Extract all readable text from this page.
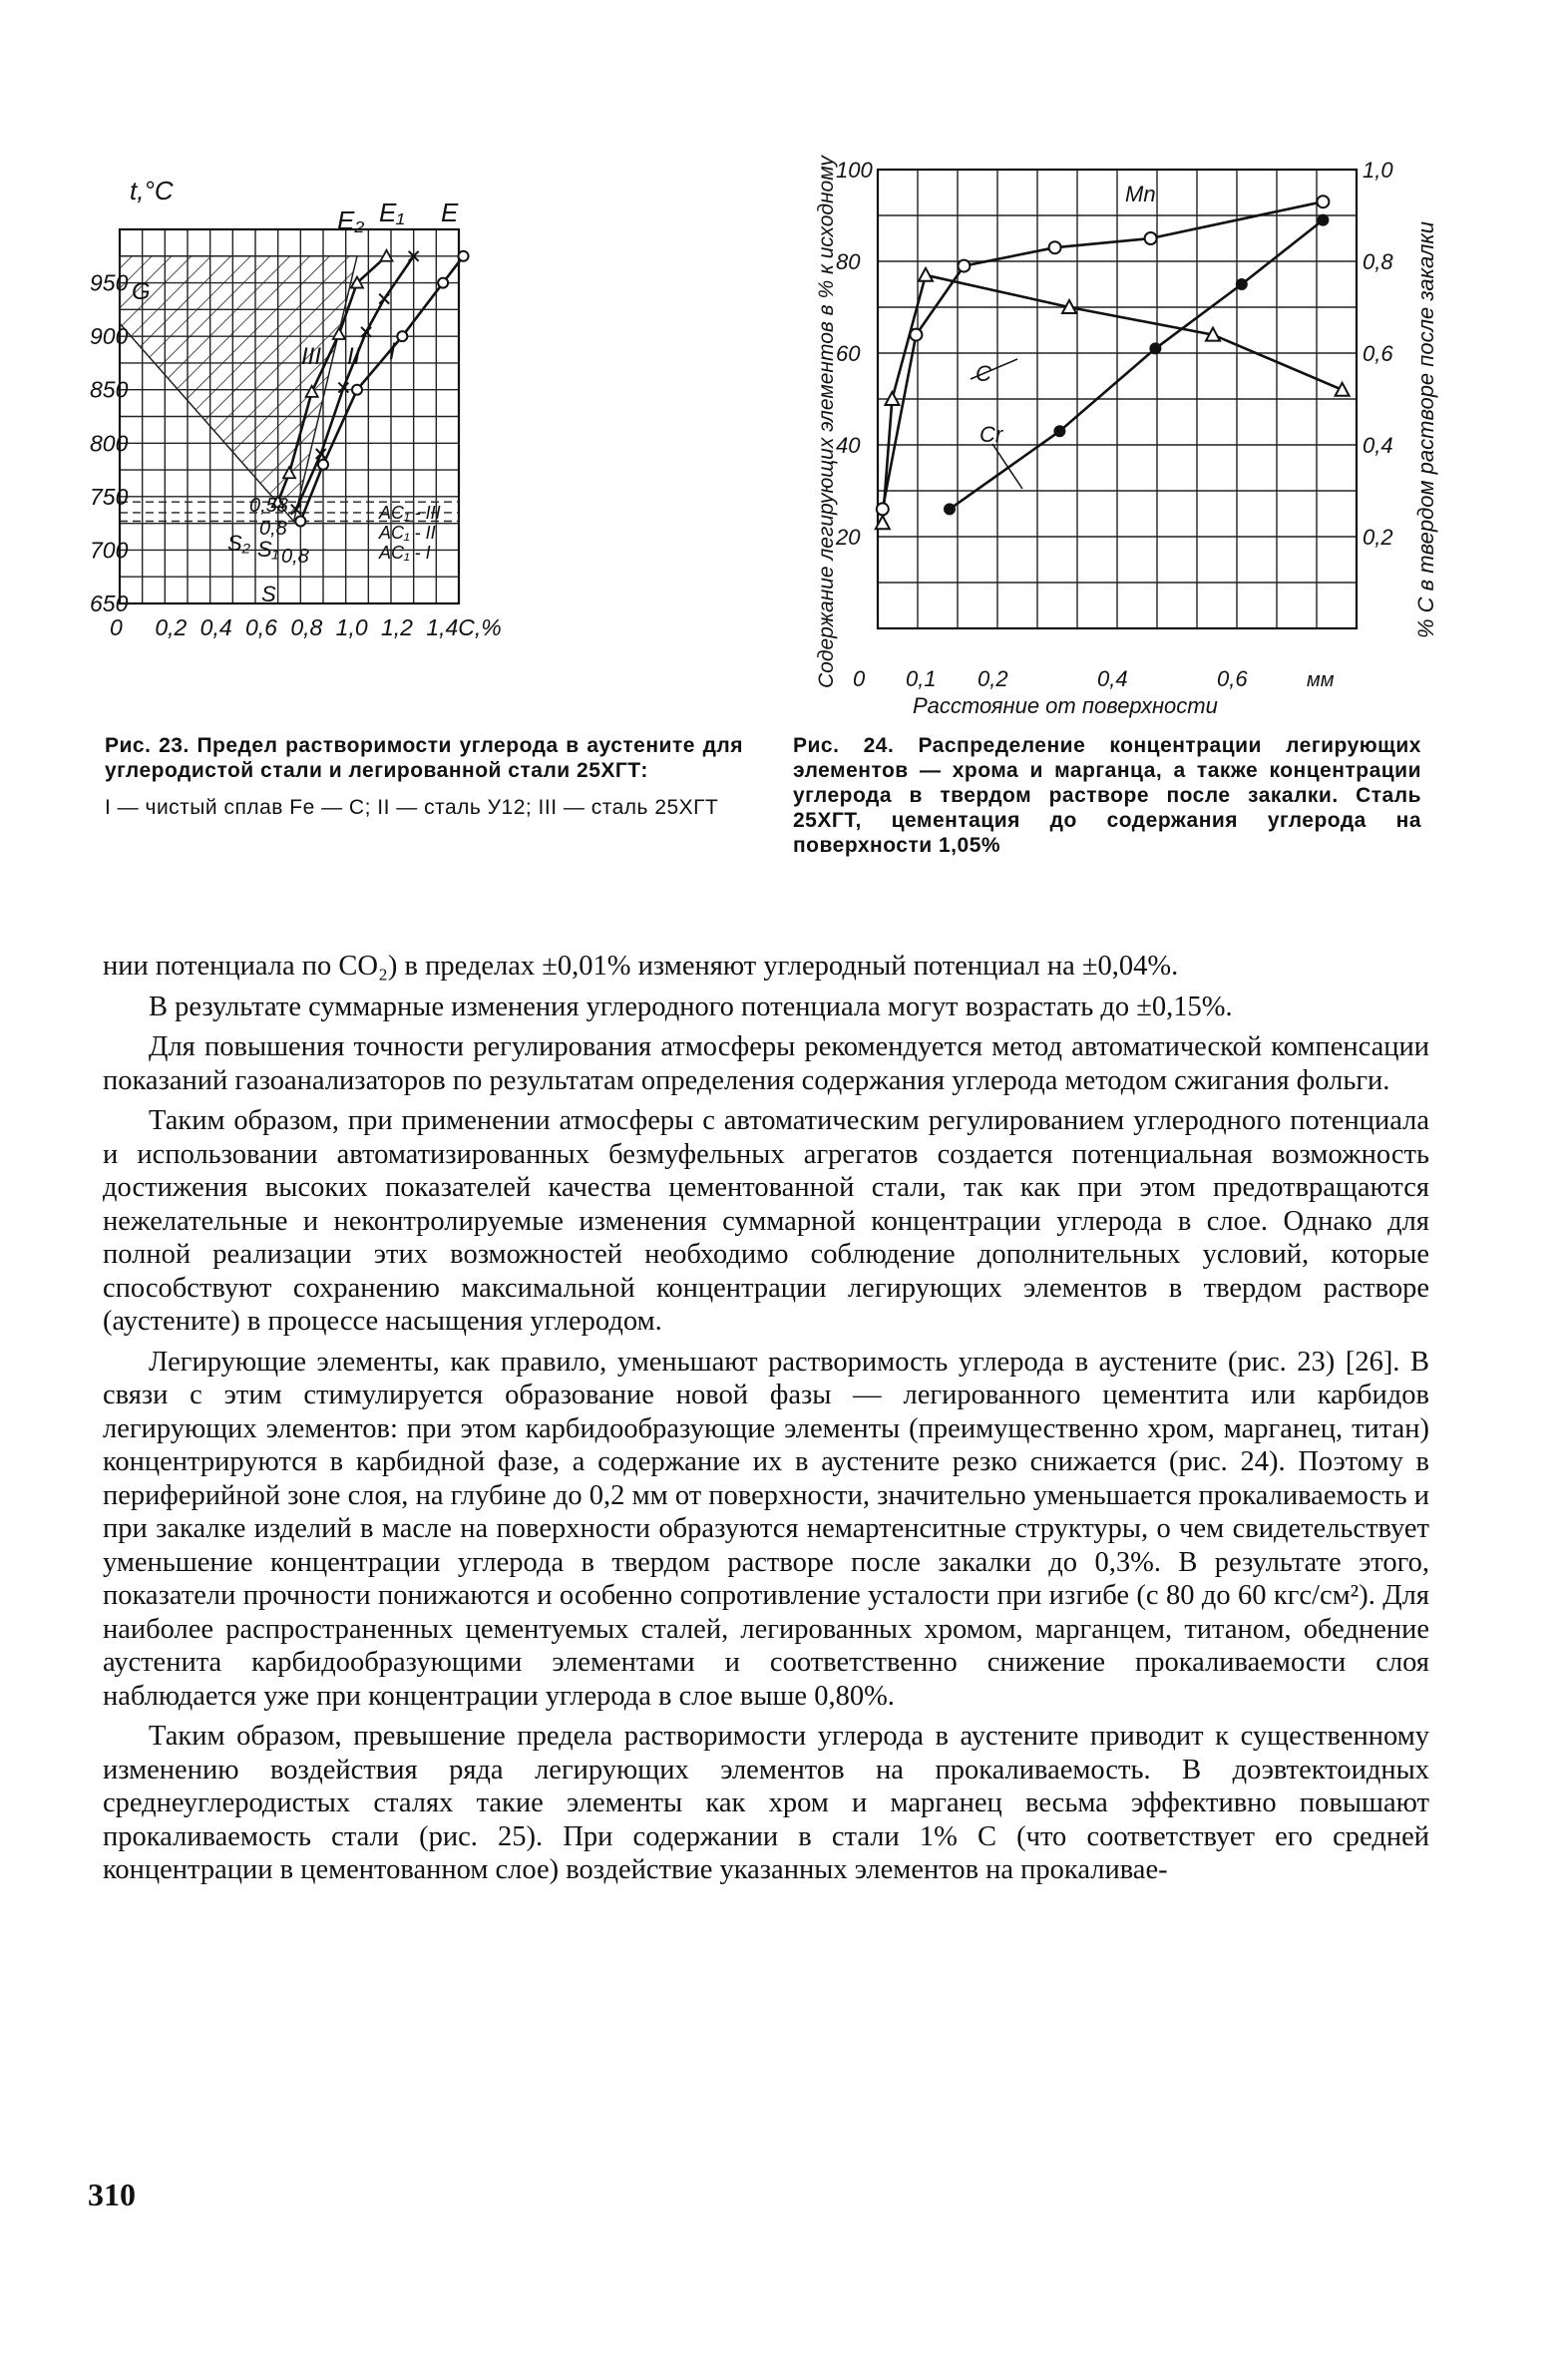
0 0,2 0,4 0,6 0,8 1,0 1,2 1,4C,%
650
700
750
800
850
900
950
t,°C
G
E₂ E₁ E
III II I
0,58
0,8
0,8
S₂ S₁
S
AC₁ - III
AC₁ - II
AC₁ - I
Рис. 23. Предел растворимости углерода в аустените для углеродистой стали и легированной стали 25ХГТ:
I — чистый сплав Fe — C; II — сталь У12; III — сталь 25ХГТ
0,1 0,2	0,4	0,6
20
40
60
80
100
0,2
0,4
0,6
0,8
1,0
Содержание легирующих элементов в % к исходному	% С в твердом растворе после закалки
Расстояние от поверхности
мм
0
Mn
C
Cr
Рис. 24. Распределение концентрации легирующих элементов — хрома и марганца, а также концентрации углерода в твердом растворе после закалки. Сталь 25ХГТ, цементация до содержания углерода на поверхности 1,05%

нии потенциала по CO₂) в пределах ±0,01% изменяют углеродный потенциал на ±0,04%.

В результате суммарные изменения углеродного потенциала могут возрастать до ±0,15%.

Для повышения точности регулирования атмосферы рекомендуется метод автоматической компенсации показаний газоанализаторов по результатам определения содержания углерода методом сжигания фольги.

Таким образом, при применении атмосферы с автоматическим регулированием углеродного потенциала и использовании автоматизированных безмуфельных агрегатов создается потенциальная возможность достижения высоких показателей качества цементованной стали, так как при этом предотвращаются нежелательные и неконтролируемые изменения суммарной концентрации углерода в слое. Однако для полной реализации этих возможностей необходимо соблюдение дополнительных условий, которые способствуют сохранению максимальной концентрации легирующих элементов в твердом растворе (аустените) в процессе насыщения углеродом.

Легирующие элементы, как правило, уменьшают растворимость углерода в аустените (рис. 23) [26]. В связи с этим стимулируется образование новой фазы — легированного цементита или карбидов легирующих элементов: при этом карбидообразующие элементы (преимущественно хром, марганец, титан) концентрируются в карбидной фазе, а содержание их в аустените резко снижается (рис. 24). Поэтому в периферийной зоне слоя, на глубине до 0,2 мм от поверхности, значительно уменьшается прокаливаемость и при закалке изделий в масле на поверхности образуются немартенситные структуры, о чем свидетельствует уменьшение концентрации углерода в твердом растворе после закалки до 0,3%. В результате этого, показатели прочности понижаются и особенно сопротивление усталости при изгибе (с 80 до 60 кгс/см²). Для наиболее распространенных цементуемых сталей, легированных хромом, марганцем, титаном, обеднение аустенита карбидообразующими элементами и соответственно снижение прокаливаемости слоя наблюдается уже при концентрации углерода в слое выше 0,80%.

Таким образом, превышение предела растворимости углерода в аустените приводит к существенному изменению воздействия ряда легирующих элементов на прокаливаемость. В доэвтектоидных среднеуглеродистых сталях такие элементы как хром и марганец весьма эффективно повышают прокаливаемость стали (рис. 25). При содержании в стали 1% C (что соответствует его средней концентрации в цементованном слое) воздействие указанных элементов на прокаливае-

310
